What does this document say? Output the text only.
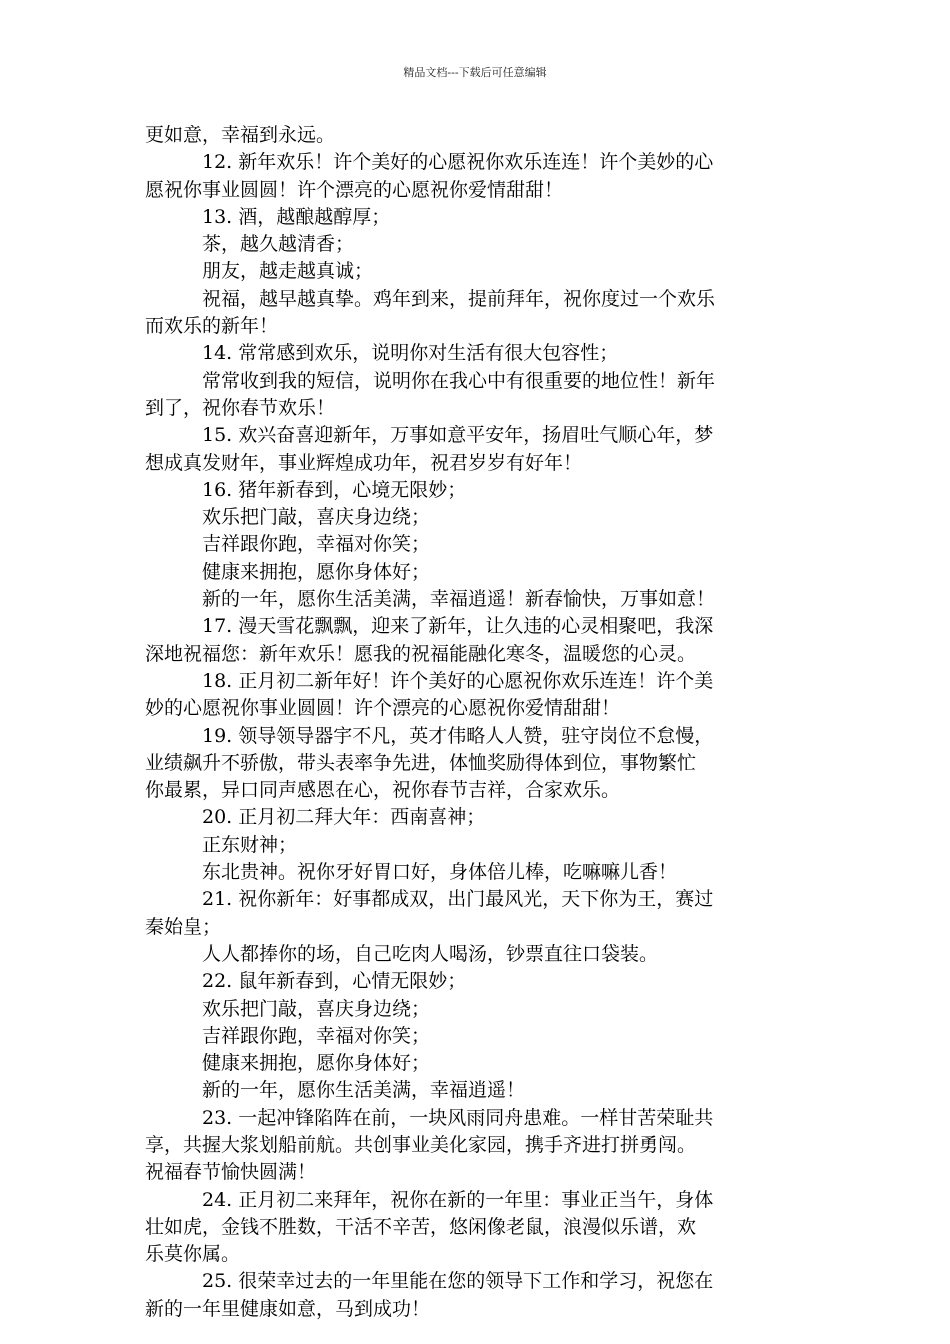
精品文档---下载后可任意编辑
更如意，幸福到永远。
12. 新年欢乐！许个美好的心愿祝你欢乐连连！许个美妙的心
愿祝你事业圆圆！许个漂亮的心愿祝你爱情甜甜！
13. 酒，越酿越醇厚；
茶，越久越清香；
朋友，越走越真诚；
祝福，越早越真挚。鸡年到来，提前拜年，祝你度过一个欢乐
而欢乐的新年！
14. 常常感到欢乐，说明你对生活有很大包容性；
常常收到我的短信，说明你在我心中有很重要的地位性！新年
到了，祝你春节欢乐！
15. 欢兴奋喜迎新年，万事如意平安年，扬眉吐气顺心年，梦
想成真发财年，事业辉煌成功年，祝君岁岁有好年！
16. 猪年新春到，心境无限妙；
欢乐把门敲，喜庆身边绕；
吉祥跟你跑，幸福对你笑；
健康来拥抱，愿你身体好；
新的一年，愿你生活美满，幸福逍遥！新春愉快，万事如意！
17. 漫天雪花飘飘，迎来了新年，让久违的心灵相聚吧，我深
深地祝福您：新年欢乐！愿我的祝福能融化寒冬，温暖您的心灵。
18. 正月初二新年好！许个美好的心愿祝你欢乐连连！许个美
妙的心愿祝你事业圆圆！许个漂亮的心愿祝你爱情甜甜！
19. 领导领导器宇不凡，英才伟略人人赞，驻守岗位不怠慢，
业绩飙升不骄傲，带头表率争先进，体恤奖励得体到位，事物繁忙
你最累，异口同声感恩在心，祝你春节吉祥，合家欢乐。
20. 正月初二拜大年：西南喜神；
正东财神；
东北贵神。祝你牙好胃口好，身体倍儿棒，吃嘛嘛儿香！
21. 祝你新年：好事都成双，出门最风光，天下你为王，赛过
秦始皇；
人人都捧你的场，自己吃肉人喝汤，钞票直往口袋装。
22. 鼠年新春到，心情无限妙；
欢乐把门敲，喜庆身边绕；
吉祥跟你跑，幸福对你笑；
健康来拥抱，愿你身体好；
新的一年，愿你生活美满，幸福逍遥！
23. 一起冲锋陷阵在前，一块风雨同舟患难。一样甘苦荣耻共
享，共握大浆划船前航。共创事业美化家园，携手齐进打拼勇闯。
祝福春节愉快圆满！
24. 正月初二来拜年，祝你在新的一年里：事业正当午，身体
壮如虎，金钱不胜数，干活不辛苦，悠闲像老鼠，浪漫似乐谱，欢
乐莫你属。
25. 很荣幸过去的一年里能在您的领导下工作和学习，祝您在
新的一年里健康如意，马到成功！
